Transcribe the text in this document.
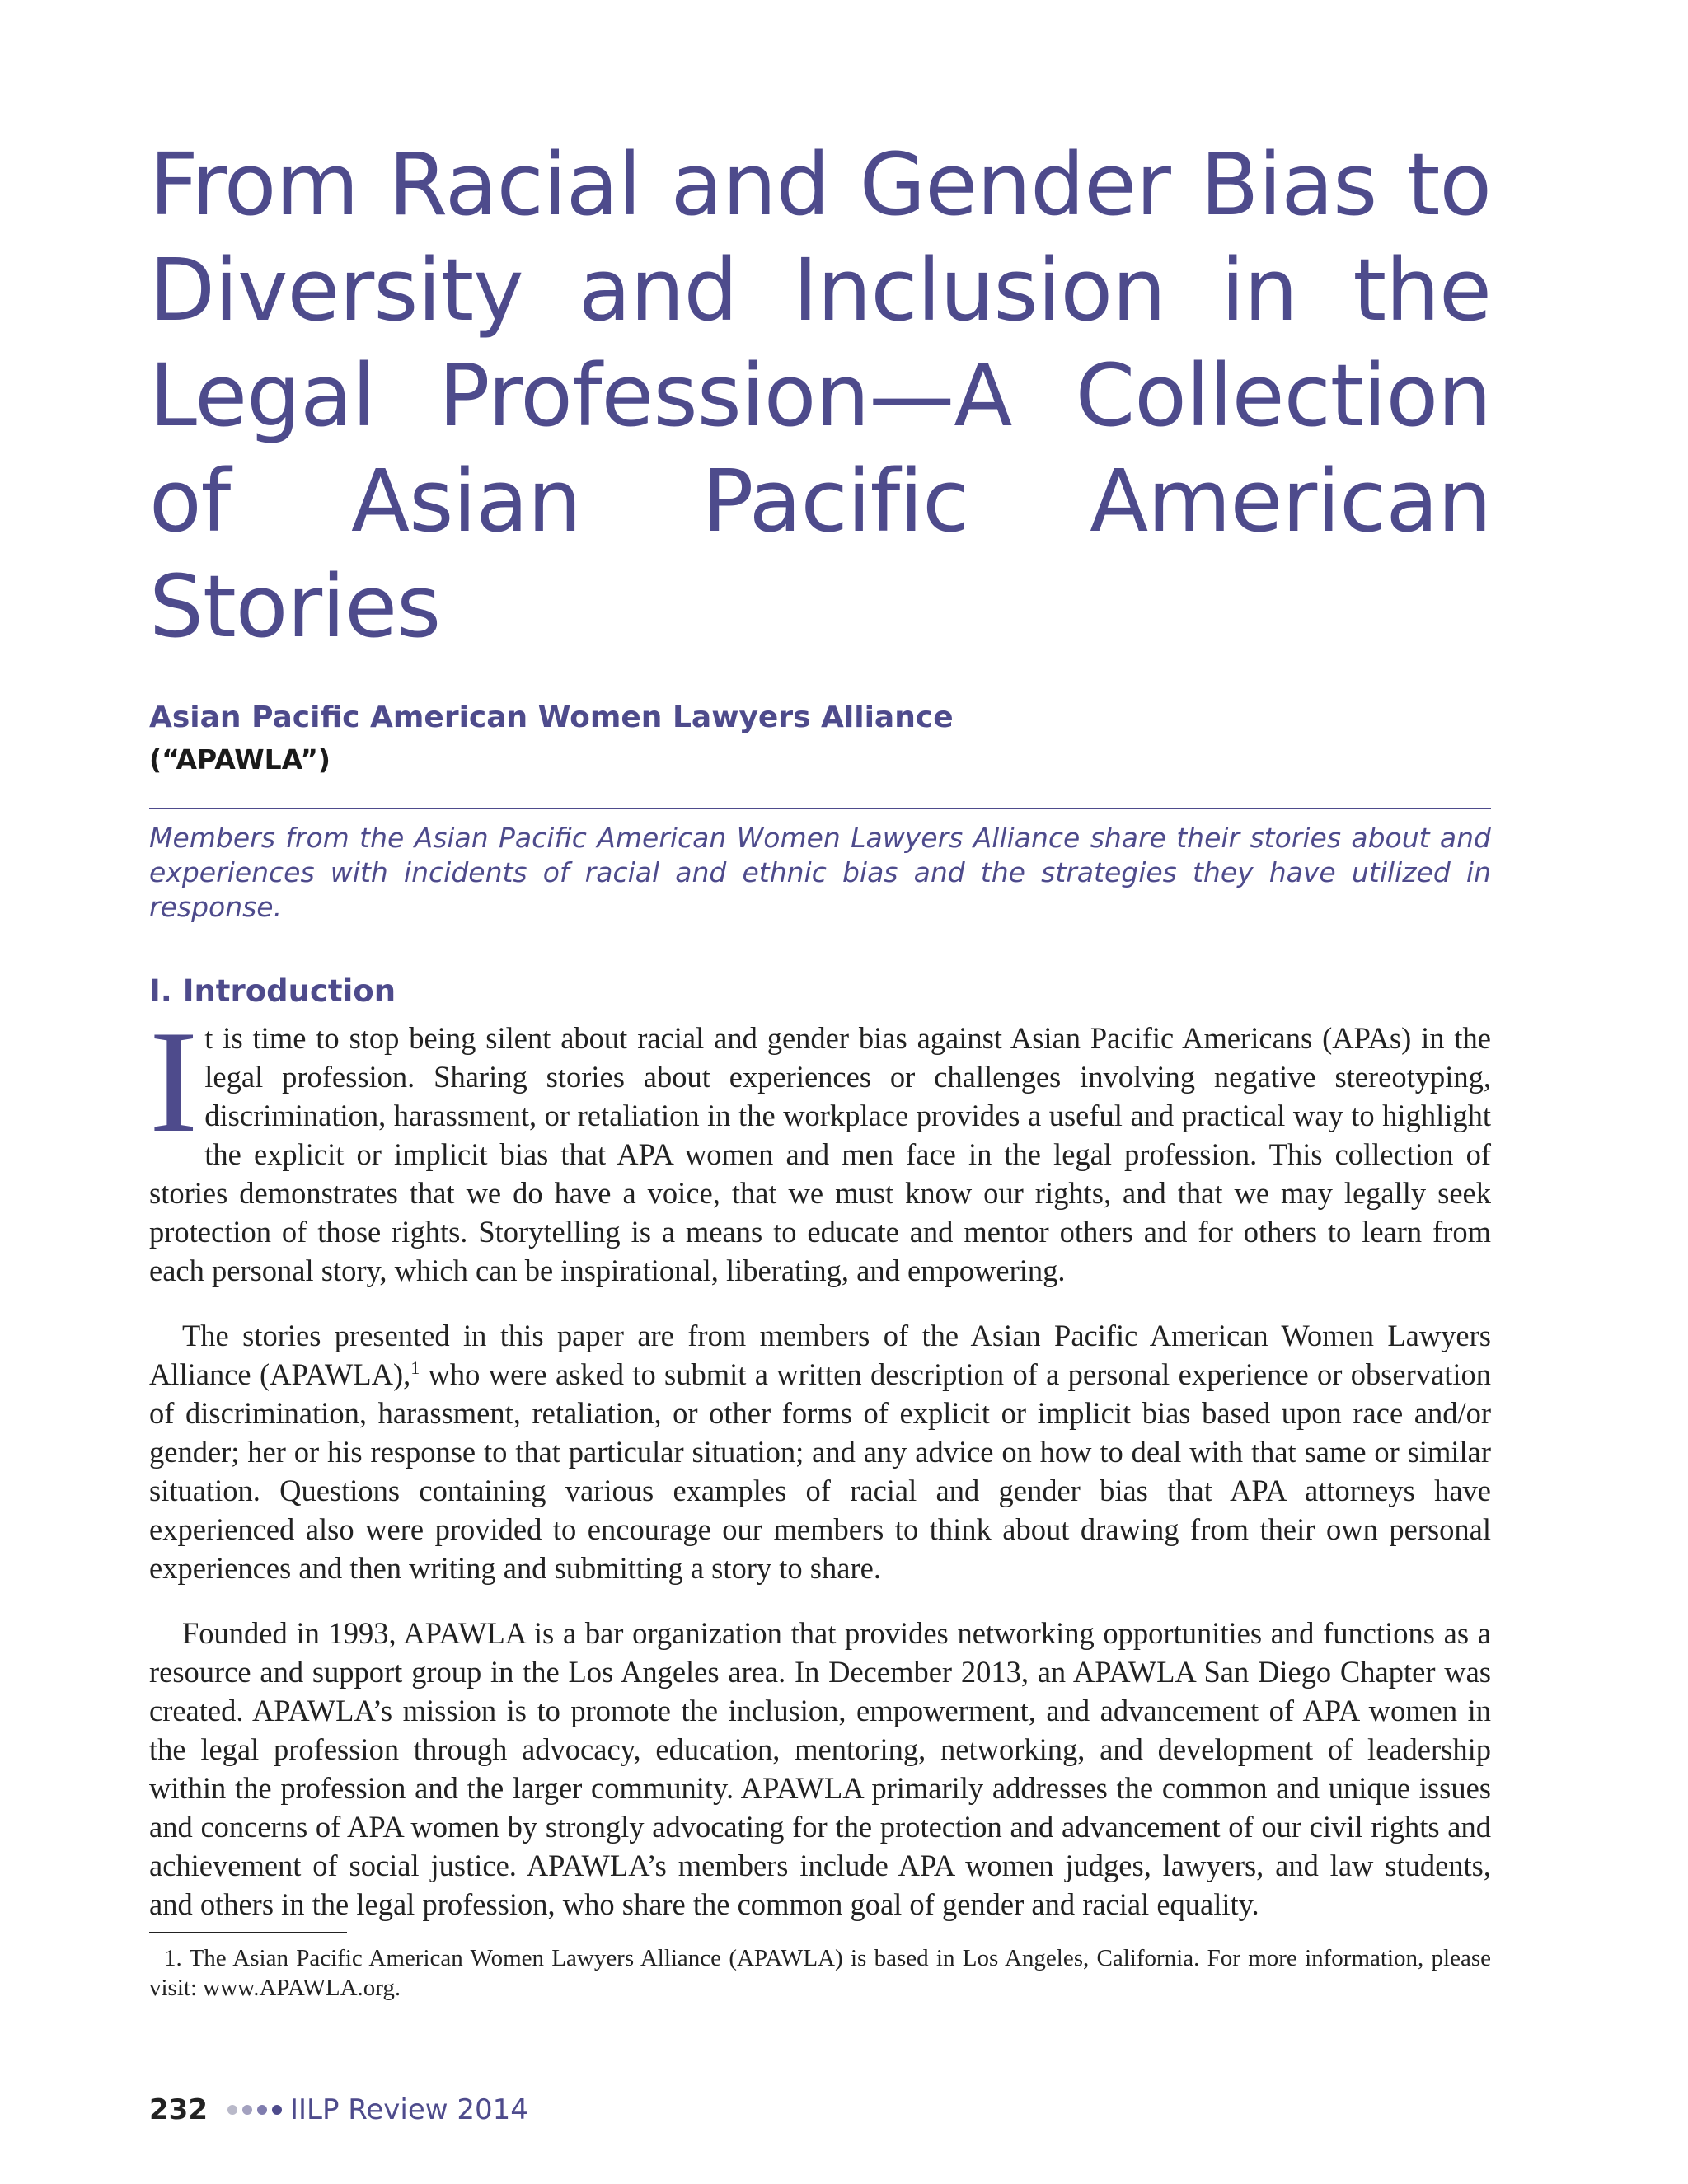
From Racial and Gender Bias to Diversity and Inclusion in the Legal Profession—A Collection of Asian Pacific American Stories
Asian Pacific American Women Lawyers Alliance
(“APAWLA”)
Members from the Asian Pacific American Women Lawyers Alliance share their stories about and experiences with incidents of racial and ethnic bias and the strategies they have utilized in response.
I. Introduction

It is time to stop being silent about racial and gender bias against Asian Pacific Americans (APAs) in the legal profession. Sharing stories about experiences or challenges involving negative stereotyping, discrimination, harassment, or retaliation in the workplace provides a useful and practical way to highlight the explicit or implicit bias that APA women and men face in the legal profession. This collection of stories demonstrates that we do have a voice, that we must know our rights, and that we may legally seek protection of those rights. Storytelling is a means to educate and mentor others and for others to learn from each personal story, which can be inspirational, liberating, and empowering.

The stories presented in this paper are from members of the Asian Pacific American Women Lawyers Alliance (APAWLA),$^1$ who were asked to submit a written description of a personal experience or observation of discrimination, harassment, retaliation, or other forms of explicit or implicit bias based upon race and/or gender; her or his response to that particular situation; and any advice on how to deal with that same or similar situation. Questions containing various examples of racial and gender bias that APA attorneys have experienced also were provided to encourage our members to think about drawing from their own personal experiences and then writing and submitting a story to share.

Founded in 1993, APAWLA is a bar organization that provides networking opportunities and functions as a resource and support group in the Los Angeles area. In December 2013, an APAWLA San Diego Chapter was created. APAWLA’s mission is to promote the inclusion, empowerment, and advancement of APA women in the legal profession through advocacy, education, mentoring, networking, and development of leadership within the profession and the larger community. APAWLA primarily addresses the common and unique issues and concerns of APA women by strongly advocating for the protection and advancement of our civil rights and achievement of social justice. APAWLA’s members include APA women judges, lawyers, and law students, and others in the legal profession, who share the common goal of gender and racial equality.

1. The Asian Pacific American Women Lawyers Alliance (APAWLA) is based in Los Angeles, California. For more information, please visit: www.APAWLA.org.
232	IILP Review 2014
